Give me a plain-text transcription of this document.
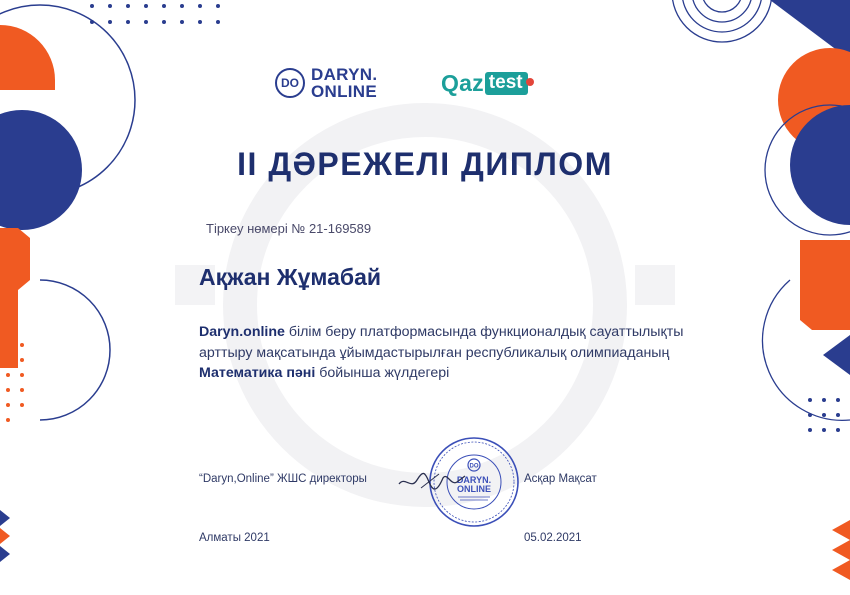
DO DARYN.
ONLINE	Qaz test
II ДӘРЕЖЕЛІ ДИПЛОМ
Тіркеу нөмері № 21-169589
Ақжан Жұмабай
Daryn.online білім беру платформасында функционалдық сауаттылықты арттыру мақсатында ұйымдастырылған республикалық олимпиаданың Математика пәні бойынша жүлдегері
“Daryn,Online” ЖШС директоры
DO
DARYN.
ONLINE
Асқар Мақсат
Алматы 2021	05.02.2021
